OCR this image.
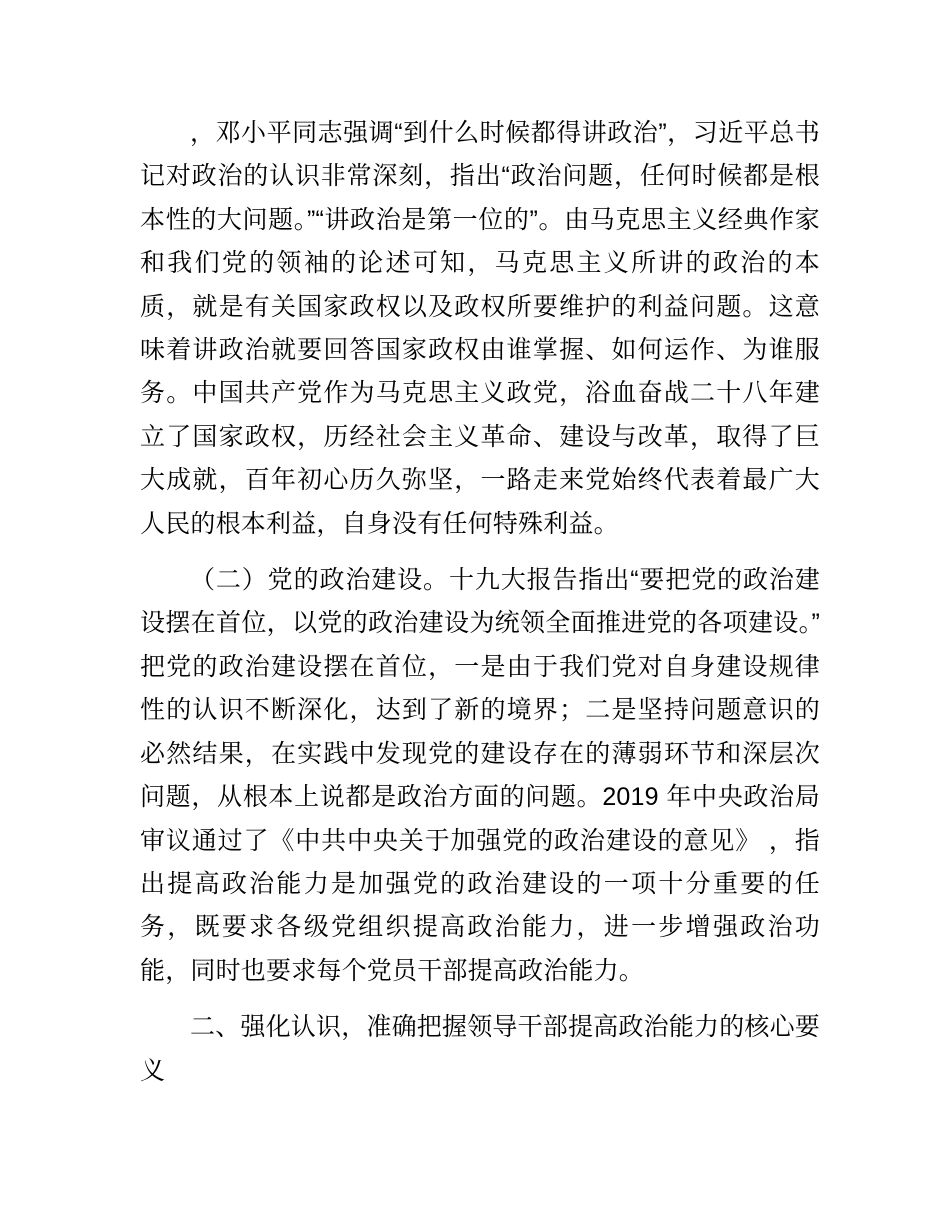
，邓小平同志强调“到什么时候都得讲政治”，习近平总书记对政治的认识非常深刻，指出“政治问题，任何时候都是根本性的大问题。”“讲政治是第一位的”。由马克思主义经典作家和我们党的领袖的论述可知，马克思主义所讲的政治的本质，就是有关国家政权以及政权所要维护的利益问题。这意味着讲政治就要回答国家政权由谁掌握、如何运作、为谁服务。中国共产党作为马克思主义政党，浴血奋战二十八年建立了国家政权，历经社会主义革命、建设与改革，取得了巨大成就，百年初心历久弥坚，一路走来党始终代表着最广大人民的根本利益，自身没有任何特殊利益。

（二）党的政治建设。十九大报告指出“要把党的政治建设摆在首位，以党的政治建设为统领全面推进党的各项建设。”把党的政治建设摆在首位，一是由于我们党对自身建设规律性的认识不断深化，达到了新的境界；二是坚持问题意识的必然结果，在实践中发现党的建设存在的薄弱环节和深层次问题，从根本上说都是政治方面的问题。2019 年中央政治局审议通过了《中共中央关于加强党的政治建设的意见》 ，指出提高政治能力是加强党的政治建设的一项十分重要的任务，既要求各级党组织提高政治能力，进一步增强政治功能，同时也要求每个党员干部提高政治能力。

二、强化认识，准确把握领导干部提高政治能力的核心要义
